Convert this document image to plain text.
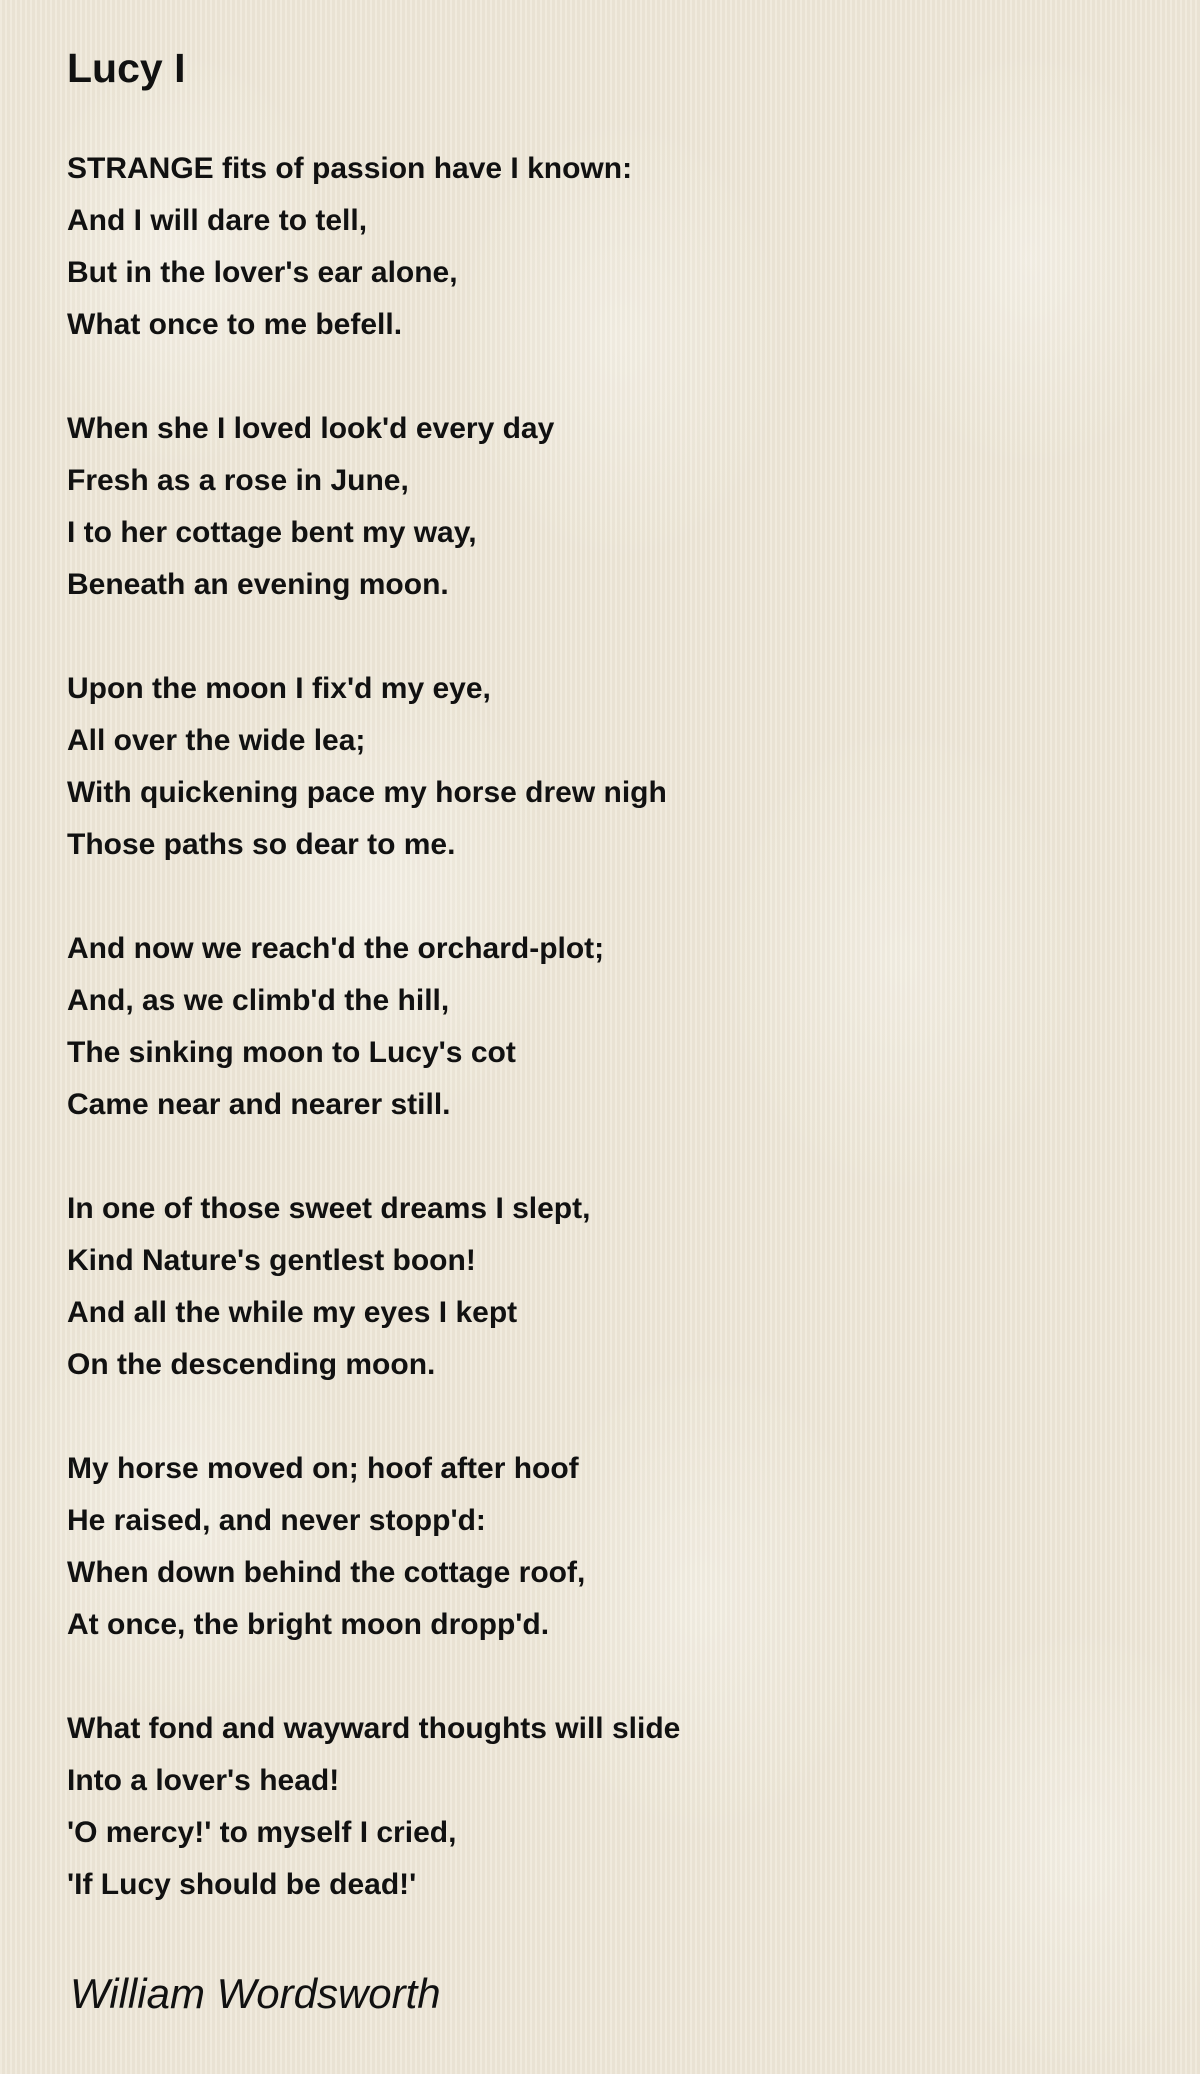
Lucy I
STRANGE fits of passion have I known:
And I will dare to tell,
But in the lover's ear alone,
What once to me befell.
When she I loved look'd every day
Fresh as a rose in June,
I to her cottage bent my way,
Beneath an evening moon.
Upon the moon I fix'd my eye,
All over the wide lea;
With quickening pace my horse drew nigh
Those paths so dear to me.
And now we reach'd the orchard-plot;
And, as we climb'd the hill,
The sinking moon to Lucy's cot
Came near and nearer still.
In one of those sweet dreams I slept,
Kind Nature's gentlest boon!
And all the while my eyes I kept
On the descending moon.
My horse moved on; hoof after hoof
He raised, and never stopp'd:
When down behind the cottage roof,
At once, the bright moon dropp'd.
What fond and wayward thoughts will slide
Into a lover's head!
'O mercy!' to myself I cried,
'If Lucy should be dead!'

William Wordsworth
